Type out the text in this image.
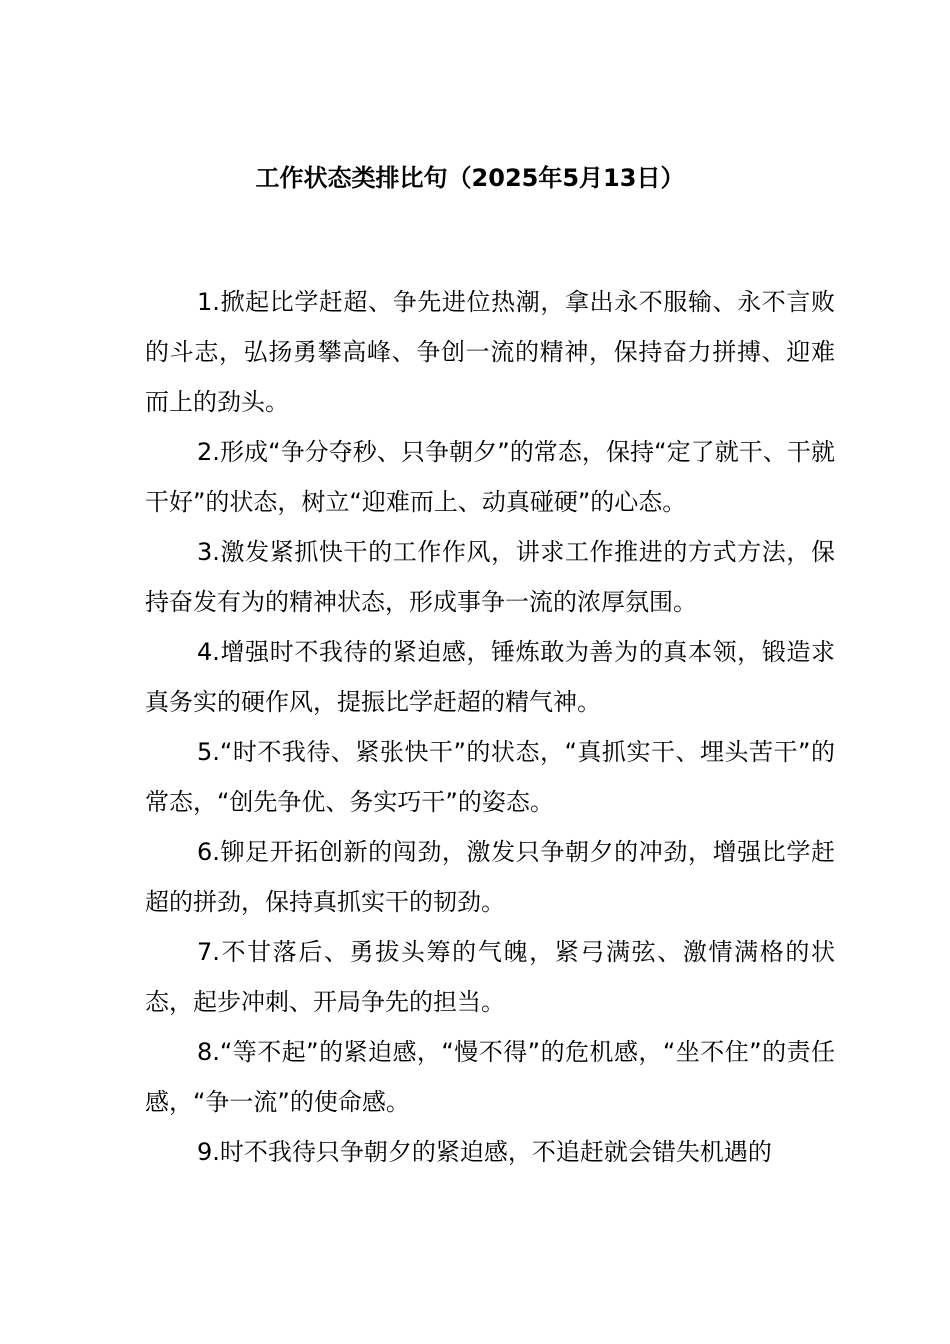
工作状态类排比句（2025年5月13日）

1.掀起比学赶超、争先进位热潮，拿出永不服输、永不言败的斗志，弘扬勇攀高峰、争创一流的精神，保持奋力拼搏、迎难而上的劲头。

2.形成“争分夺秒、只争朝夕”的常态，保持“定了就干、干就干好”的状态，树立“迎难而上、动真碰硬”的心态。

3.激发紧抓快干的工作作风，讲求工作推进的方式方法，保持奋发有为的精神状态，形成事争一流的浓厚氛围。

4.增强时不我待的紧迫感，锤炼敢为善为的真本领，锻造求真务实的硬作风，提振比学赶超的精气神。

5.“时不我待、紧张快干”的状态，“真抓实干、埋头苦干”的常态，“创先争优、务实巧干”的姿态。

6.铆足开拓创新的闯劲，激发只争朝夕的冲劲，增强比学赶超的拼劲，保持真抓实干的韧劲。

7.不甘落后、勇拔头筹的气魄，紧弓满弦、激情满格的状态，起步冲刺、开局争先的担当。

8.“等不起”的紧迫感，“慢不得”的危机感，“坐不住”的责任感，“争一流”的使命感。

9.时不我待只争朝夕的紧迫感，不追赶就会错失机遇的
